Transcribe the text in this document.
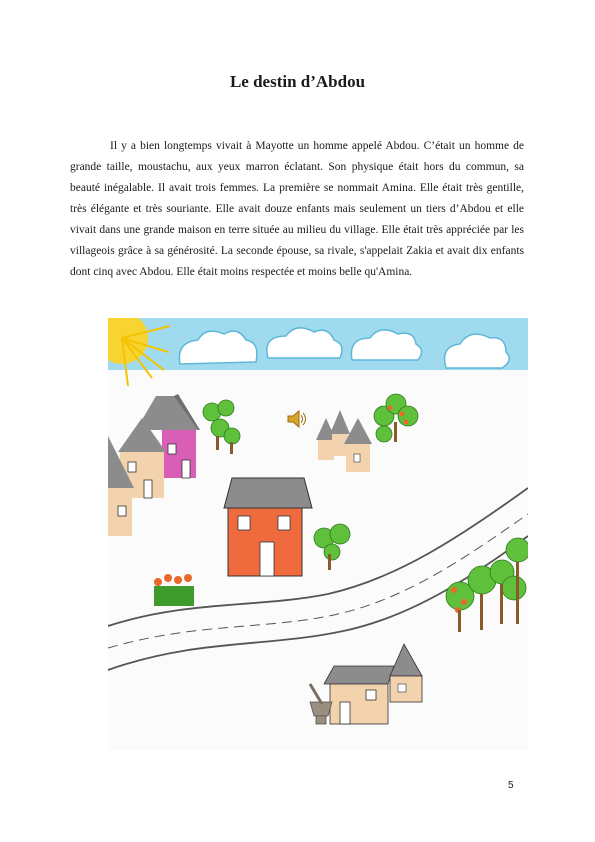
Le destin d’Abdou

Il y a bien longtemps vivait à Mayotte un homme appelé Abdou. C’était un homme de grande taille, moustachu, aux yeux marron éclatant. Son physique était hors du commun, sa beauté inégalable. Il avait trois femmes. La première se nommait Amina. Elle était très gentille, très élégante et très souriante. Elle avait douze enfants mais seulement un tiers d’Abdou et elle vivait dans une grande maison en terre située au milieu du village. Elle était très appréciée par les villageois grâce à sa générosité. La seconde épouse, sa rivale, s'appelait Zakia et avait dix enfants dont cinq avec Abdou. Elle était moins respectée et moins belle qu'Amina.

5
